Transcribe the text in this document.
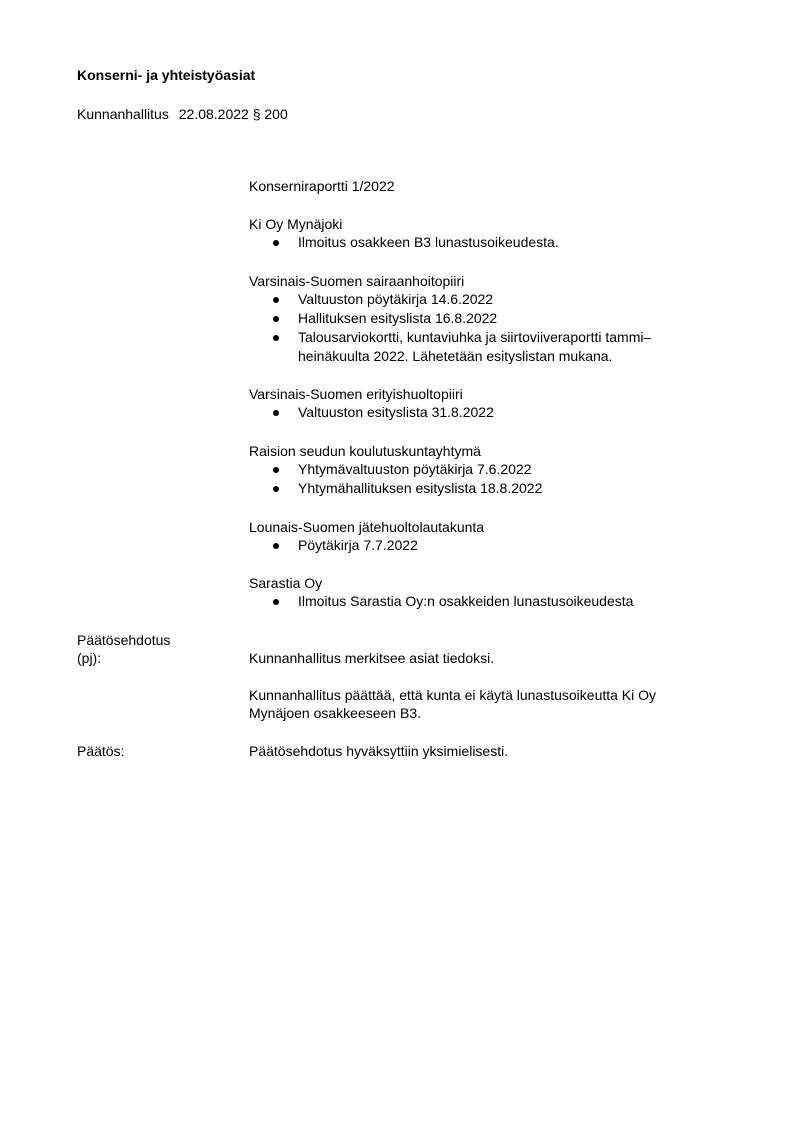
Konserni- ja yhteistyöasiat
Kunnanhallitus 22.08.2022 § 200
Konserniraportti 1/2022
Ki Oy Mynäjoki
Ilmoitus osakkeen B3 lunastusoikeudesta.
Varsinais-Suomen sairaanhoitopiiri
Valtuuston pöytäkirja 14.6.2022
Hallituksen esityslista 16.8.2022
Talousarviokortti, kuntaviuhka ja siirtoviiveraportti tammi–heinäkuulta 2022. Lähetetään esityslistan mukana.
Varsinais-Suomen erityishuoltopiiri
Valtuuston esityslista 31.8.2022
Raision seudun koulutuskuntayhtymä
Yhtymävaltuuston pöytäkirja 7.6.2022
Yhtymähallituksen esityslista 18.8.2022
Lounais-Suomen jätehuoltolautakunta
Pöytäkirja 7.7.2022
Sarastia Oy
Ilmoitus Sarastia Oy:n osakkeiden lunastusoikeudesta
Päätösehdotus
(pj):	Kunnanhallitus merkitsee asiat tiedoksi.
Kunnanhallitus päättää, että kunta ei käytä lunastusoikeutta Ki Oy Mynäjoen osakkeeseen B3.
Päätös:	Päätösehdotus hyväksyttiin yksimielisesti.
